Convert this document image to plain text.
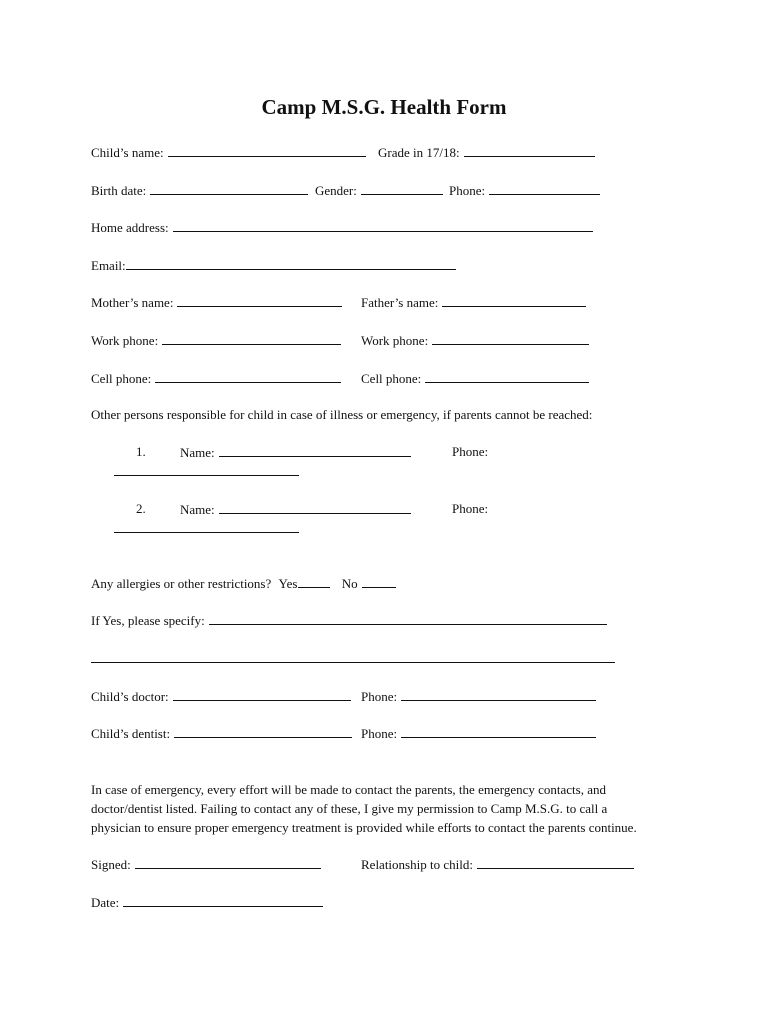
Camp M.S.G. Health Form
Child’s name:	Grade in 17/18:
Birth date:	Gender:	Phone:
Home address:
Email:
Mother’s name:	Father’s name:
Work phone:	Work phone:
Cell phone:	Cell phone:
Other persons responsible for child in case of illness or emergency, if parents cannot be reached:
1.	Name:	Phone:
2.	Name:	Phone:
Any allergies or other restrictions? Yes	No
If Yes, please specify:
Child’s doctor:	Phone:
Child’s dentist:	Phone:
In case of emergency, every effort will be made to contact the parents, the emergency contacts, and
doctor/dentist listed. Failing to contact any of these, I give my permission to Camp M.S.G. to call a
physician to ensure proper emergency treatment is provided while efforts to contact the parents continue.
Signed:	Relationship to child:
Date:
